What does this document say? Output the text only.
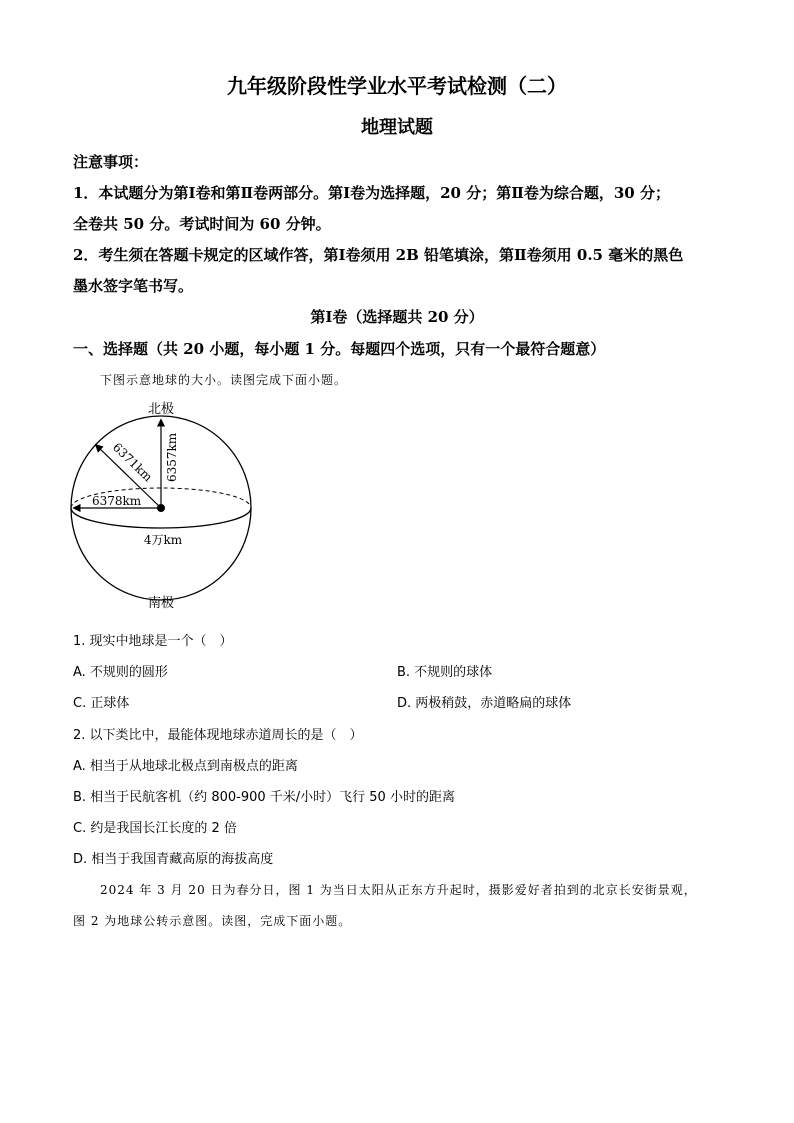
九年级阶段性学业水平考试检测（二）
地理试题
注意事项：
1．本试题分为第Ⅰ卷和第Ⅱ卷两部分。第Ⅰ卷为选择题，20 分；第Ⅱ卷为综合题，30 分；
全卷共 50 分。考试时间为 60 分钟。
2．考生须在答题卡规定的区域作答，第Ⅰ卷须用 2B 铅笔填涂，第Ⅱ卷须用 0.5 毫米的黑色
墨水签字笔书写。
第Ⅰ卷（选择题共 20 分）
一、选择题（共 20 小题，每小题 1 分。每题四个选项，只有一个最符合题意）
下图示意地球的大小。读图完成下面小题。
北极
6357km
6371km
6378km
4万km
南极
1. 现实中地球是一个（　）
A. 不规则的圆形	B. 不规则的球体
C. 正球体	D. 两极稍鼓，赤道略扁的球体
2. 以下类比中，最能体现地球赤道周长的是（　）
A. 相当于从地球北极点到南极点的距离
B. 相当于民航客机（约 800-900 千米/小时）飞行 50 小时的距离
C. 约是我国长江长度的 2 倍
D. 相当于我国青藏高原的海拔高度
2024 年 3 月 20 日为春分日，图 1 为当日太阳从正东方升起时，摄影爱好者拍到的北京长安街景观，
图 2 为地球公转示意图。读图，完成下面小题。
